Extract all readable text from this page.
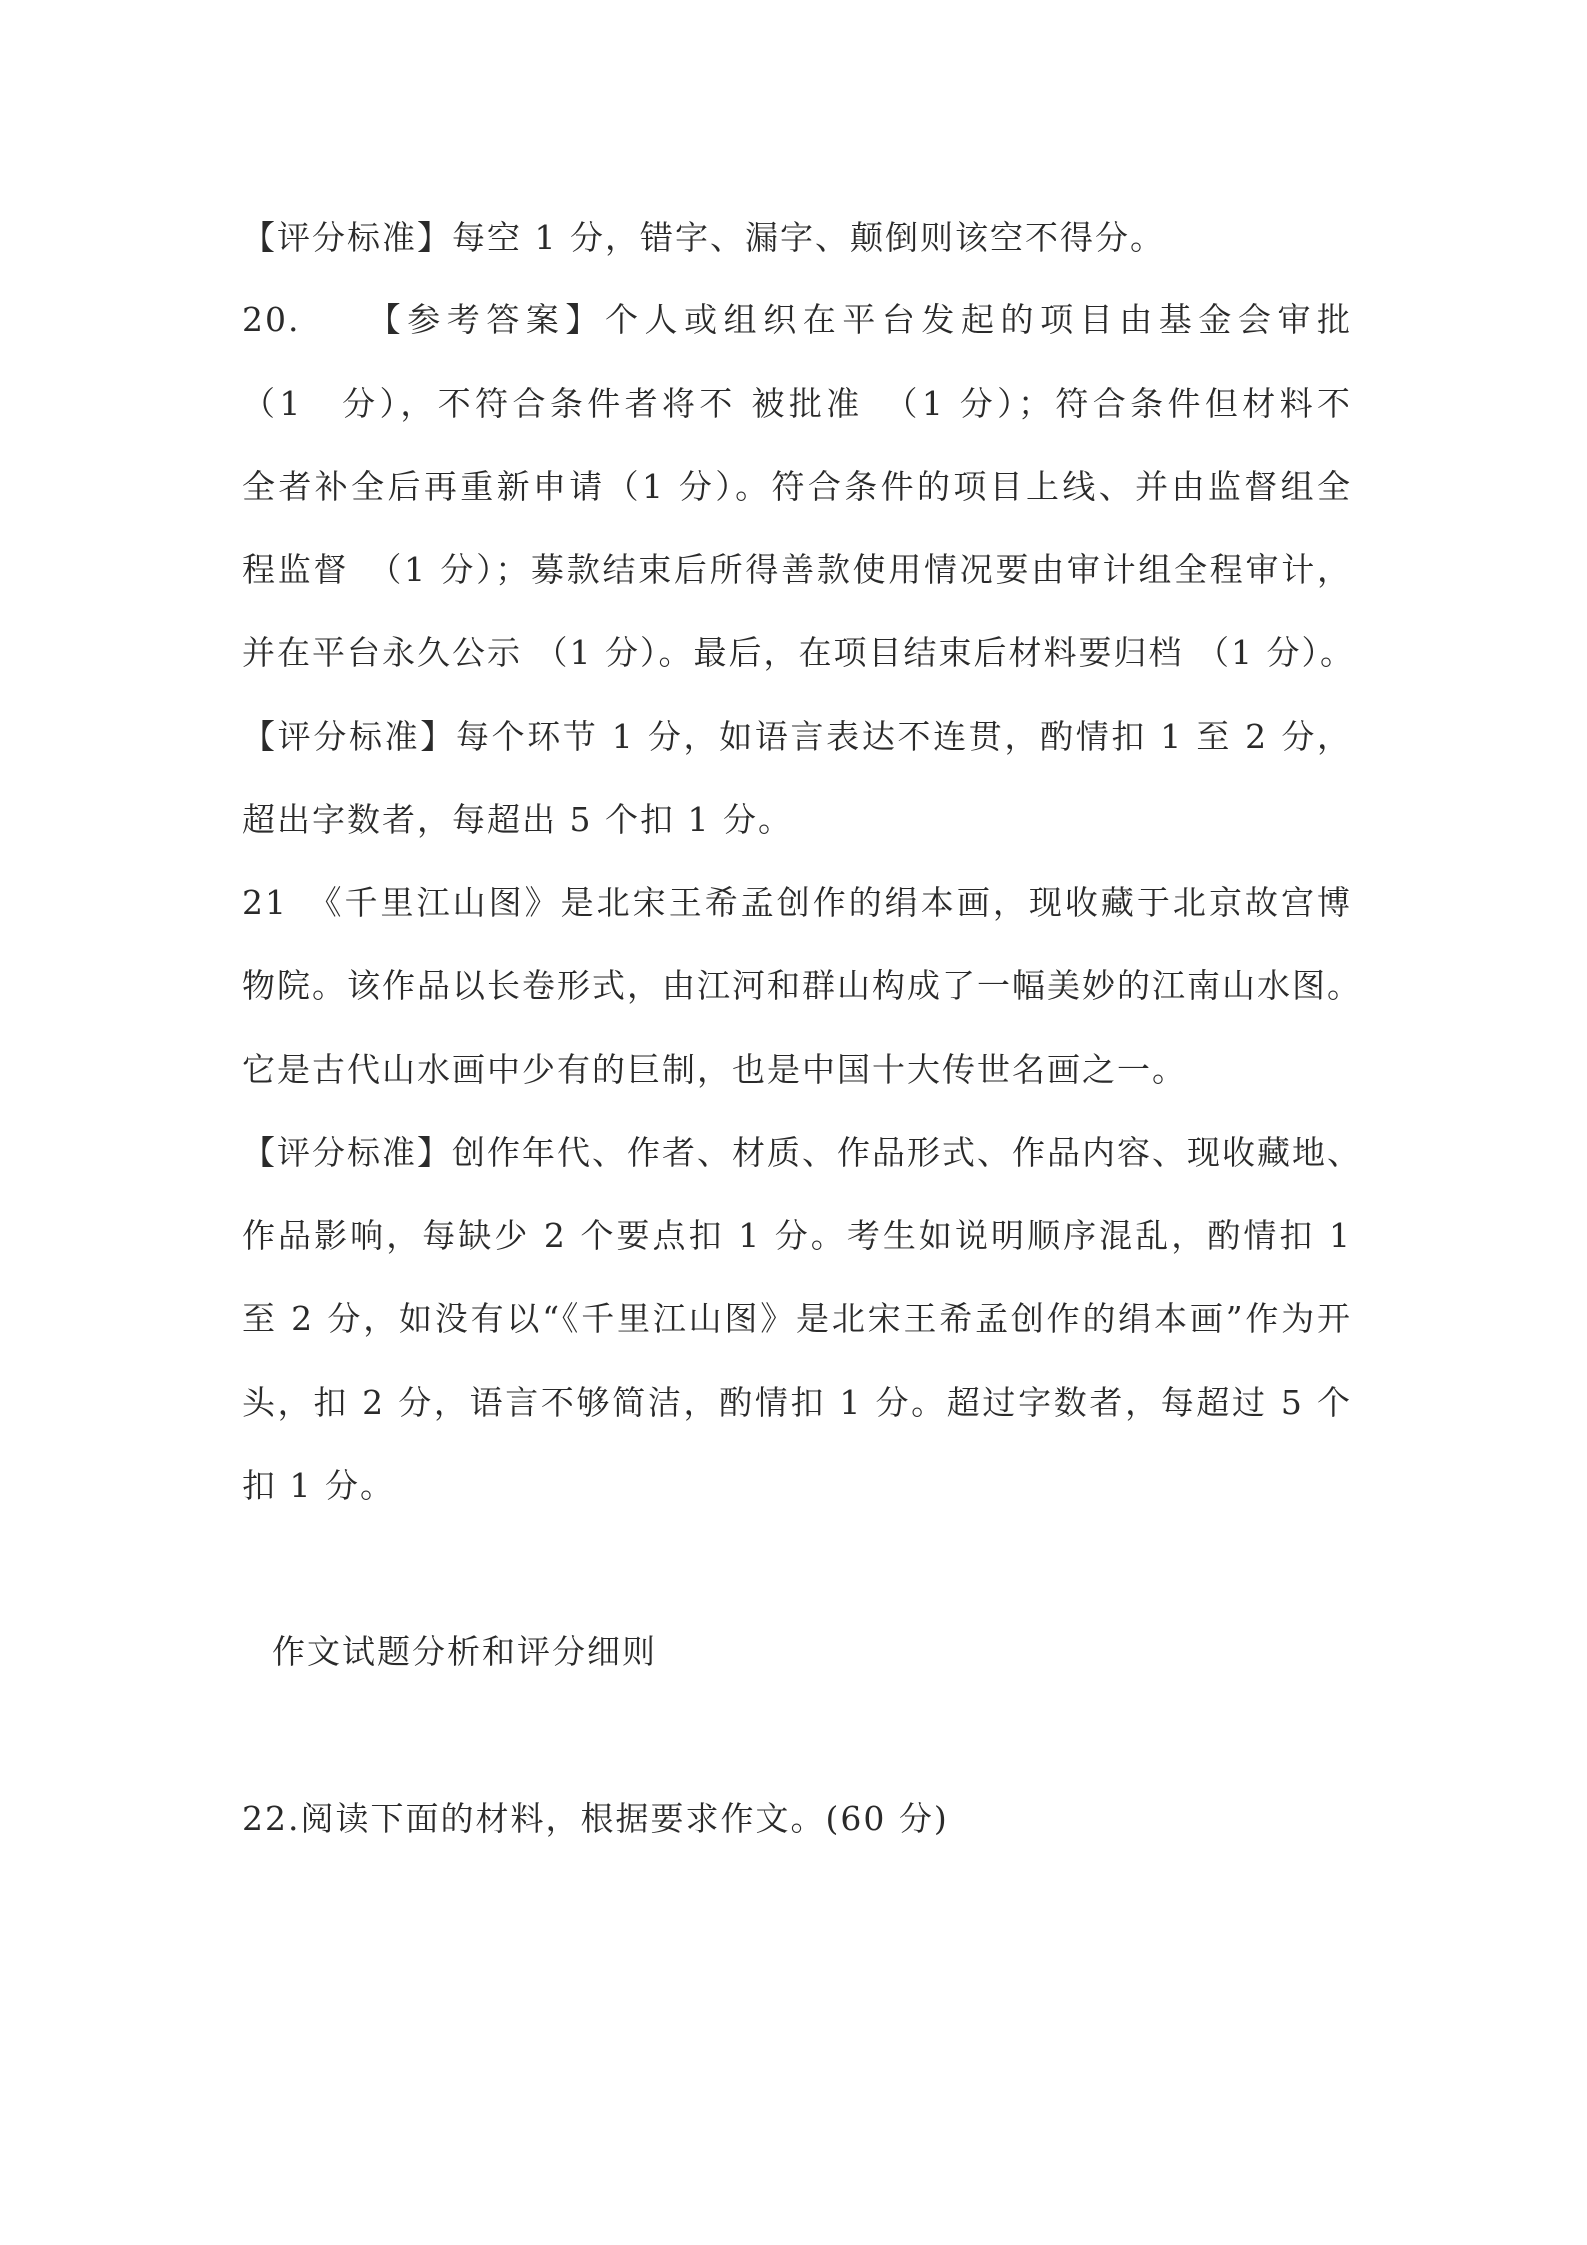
【评分标准】每空 1 分，错字、漏字、颠倒则该空不得分。
20.　　【参考答案】个人或组织在平台发起的项目由基金会审批
（1　分），不符合条件者将不 被批准　（1 分）；符合条件但材料不
全者补全后再重新申请（1 分）。符合条件的项目上线、并由监督组全
程监督　（1 分）；募款结束后所得善款使用情况要由审计组全程审计，
并在平台永久公示 （1 分）。最后，在项目结束后材料要归档 （1 分）。
【评分标准】每个环节 1 分，如语言表达不连贯，酌情扣 1 至 2 分，
超出字数者，每超出 5 个扣 1 分。
21　《千里江山图》是北宋王希孟创作的绢本画，现收藏于北京故宫博
物院。该作品以长卷形式，由江河和群山构成了一幅美妙的江南山水图。
它是古代山水画中少有的巨制，也是中国十大传世名画之一。
【评分标准】创作年代、作者、材质、作品形式、作品内容、现收藏地、
作品影响，每缺少 2 个要点扣 1 分。考生如说明顺序混乱，酌情扣 1
至 2 分，如没有以“《千里江山图》是北宋王希孟创作的绢本画”作为开
头，扣 2 分，语言不够简洁，酌情扣 1 分。超过字数者，每超过 5 个
扣 1 分。
作文试题分析和评分细则
22.阅读下面的材料，根据要求作文。(60 分)
